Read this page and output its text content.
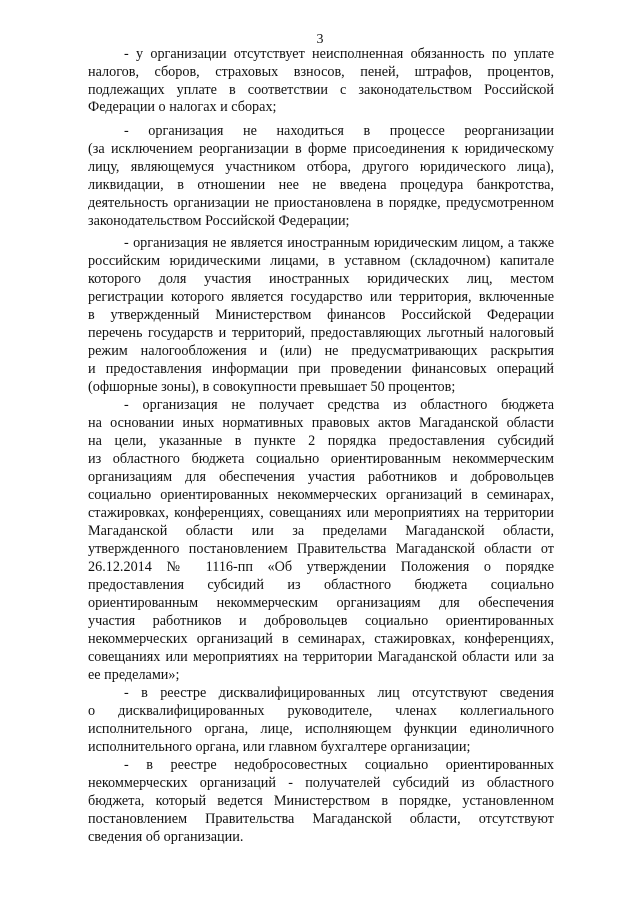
3
- у организации отсутствует неисполненная обязанность по уплате
налогов, сборов, страховых взносов, пеней, штрафов, процентов,
подлежащих уплате в соответствии с законодательством Российской
Федерации о налогах и сборах;
- организация не находиться в процессе реорганизации
(за исключением реорганизации в форме присоединения к юридическому
лицу, являющемуся участником отбора, другого юридического лица),
ликвидации, в отношении нее не введена процедура банкротства,
деятельность организации не приостановлена в порядке, предусмотренном
законодательством Российской Федерации;
- организация не является иностранным юридическим лицом, а также
российским юридическими лицами, в уставном (складочном) капитале
которого доля участия иностранных юридических лиц, местом
регистрации которого является государство или территория, включенные
в утвержденный Министерством финансов Российской Федерации
перечень государств и территорий, предоставляющих льготный налоговый
режим налогообложения и (или) не предусматривающих раскрытия
и предоставления информации при проведении финансовых операций
(офшорные зоны), в совокупности превышает 50 процентов;
- организация не получает средства из областного бюджета
на основании иных нормативных правовых актов Магаданской области
на цели, указанные в пункте 2 порядка предоставления субсидий
из областного бюджета социально ориентированным некоммерческим
организациям для обеспечения участия работников и добровольцев
социально ориентированных некоммерческих организаций в семинарах,
стажировках, конференциях, совещаниях или мероприятиях на территории
Магаданской области или за пределами Магаданской области,
утвержденного постановлением Правительства Магаданской области от
26.12.2014 № 1116-пп «Об утверждении Положения о порядке
предоставления субсидий из областного бюджета социально
ориентированным некоммерческим организациям для обеспечения
участия работников и добровольцев социально ориентированных
некоммерческих организаций в семинарах, стажировках, конференциях,
совещаниях или мероприятиях на территории Магаданской области или за
ее пределами»;
- в реестре дисквалифицированных лиц отсутствуют сведения
о дисквалифицированных руководителе, членах коллегиального
исполнительного органа, лице, исполняющем функции единоличного
исполнительного органа, или главном бухгалтере организации;
- в реестре недобросовестных социально ориентированных
некоммерческих организаций - получателей субсидий из областного
бюджета, который ведется Министерством в порядке, установленном
постановлением Правительства Магаданской области, отсутствуют
сведения об организации.
